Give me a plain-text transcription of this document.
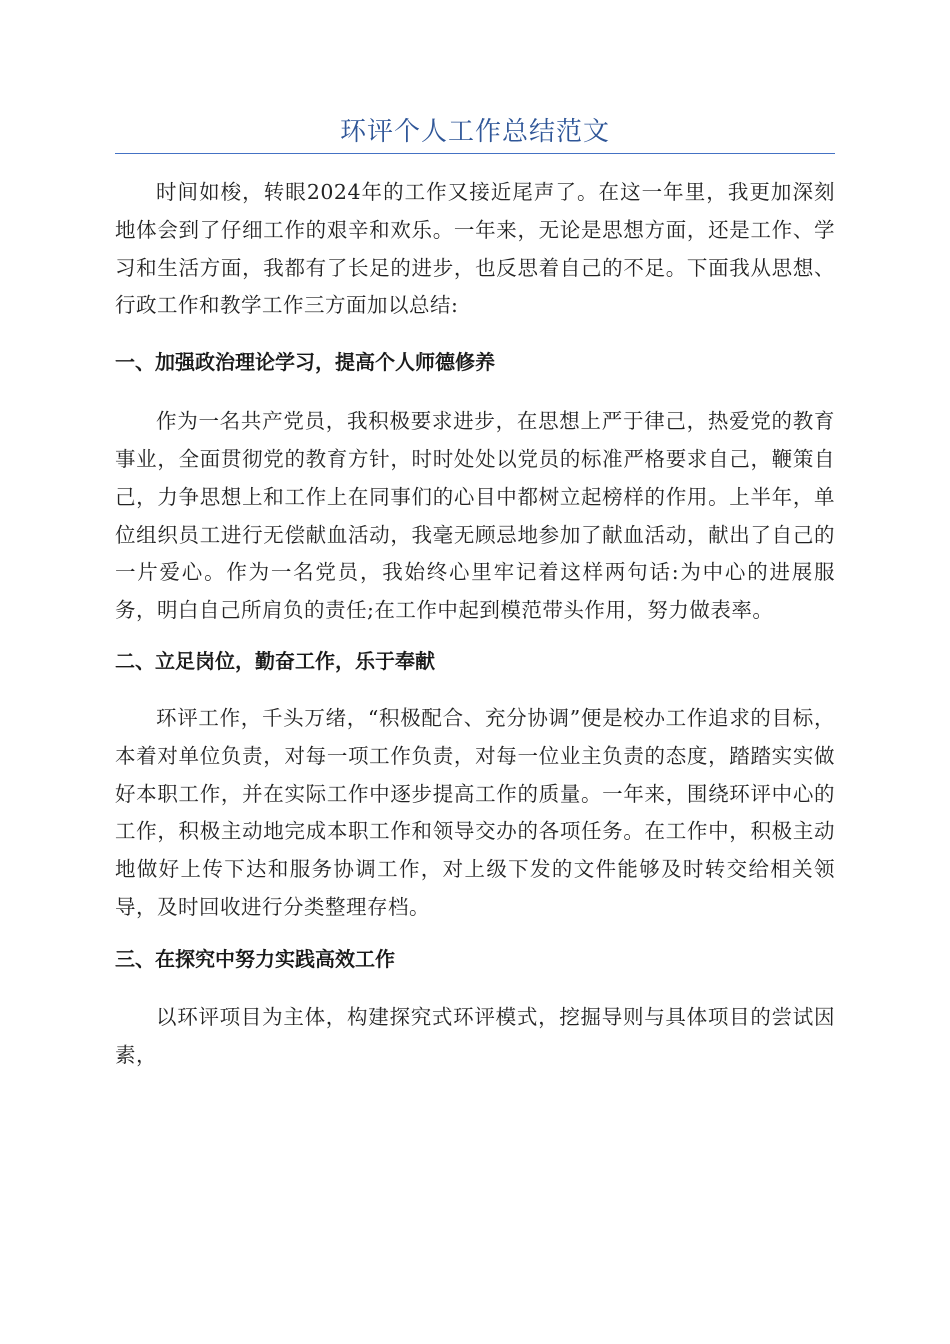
环评个人工作总结范文

时间如梭，转眼2024年的工作又接近尾声了。在这一年里，我更加深刻地体会到了仔细工作的艰辛和欢乐。一年来，无论是思想方面，还是工作、学习和生活方面，我都有了长足的进步，也反思着自己的不足。下面我从思想、行政工作和教学工作三方面加以总结:

一、加强政治理论学习，提高个人师德修养

作为一名共产党员，我积极要求进步，在思想上严于律己，热爱党的教育事业，全面贯彻党的教育方针，时时处处以党员的标准严格要求自己，鞭策自己，力争思想上和工作上在同事们的心目中都树立起榜样的作用。上半年，单位组织员工进行无偿献血活动，我毫无顾忌地参加了献血活动，献出了自己的一片爱心。作为一名党员，我始终心里牢记着这样两句话:为中心的进展服务，明白自己所肩负的责任;在工作中起到模范带头作用，努力做表率。

二、立足岗位，勤奋工作，乐于奉献

环评工作，千头万绪，“积极配合、充分协调”便是校办工作追求的目标，本着对单位负责，对每一项工作负责，对每一位业主负责的态度，踏踏实实做好本职工作，并在实际工作中逐步提高工作的质量。一年来，围绕环评中心的工作，积极主动地完成本职工作和领导交办的各项任务。在工作中，积极主动地做好上传下达和服务协调工作，对上级下发的文件能够及时转交给相关领导，及时回收进行分类整理存档。

三、在探究中努力实践高效工作

以环评项目为主体，构建探究式环评模式，挖掘导则与具体项目的尝试因素，
